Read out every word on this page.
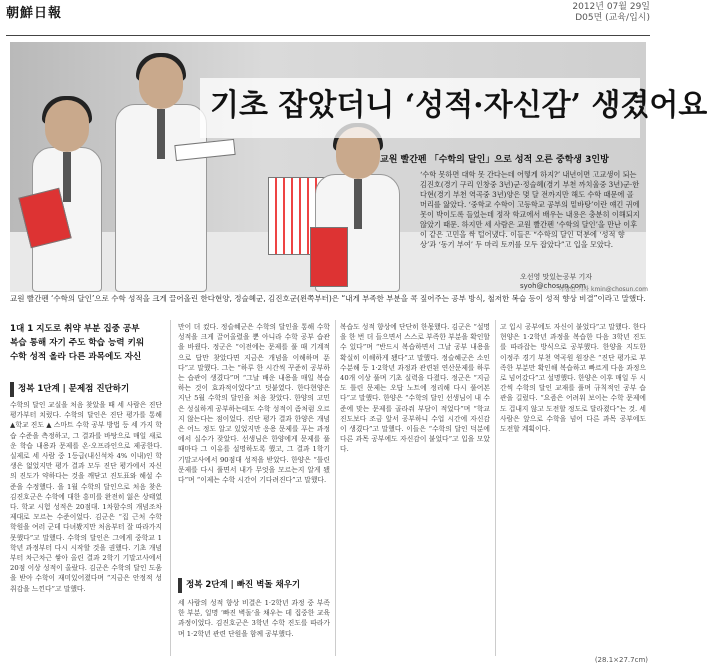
朝鮮日報	2012년 07월 29일
D05면 (교육/입시)
기초 잡았더니 ‘성적·자신감’ 생겼어요
교원 빨간펜 「수학의 달인」으로 성적 오른 중학생 3인방
‘수학 못하면 대학 못 간다는데 어떻게 하지?’ 내년이면 고교생이 되는 김진호(경기 구리 인창중 3년)군·정슬혜(경기 부천 까치울중 3년)군·한다현(경기 부천 역곡중 3년)양은 몇 달 전까지만 해도 수학 때문에 골머리를 앓았다. ‘중학교 수학이 고등학교 공부의 밑바탕’이란 얘긴 귀에 못이 박이도록 들었는데 정작 학교에서 배우는 내용은 충분히 이해되지 않았기 때문. 하지만 세 사람은 교원 빨간펜 ‘수학의 달인’을 만난 이후 이 같은 고민을 싹 털어냈다. 이들은 “수학의 달인 덕분에 ‘성적 향상’과 ‘동기 부여’ 두 마리 토끼를 모두 잡았다”고 입을 모았다.
오선영 맛있는공부 기자 syoh@chosun.com
이경민 기자 kmin@chosun.com
교원 빨간펜 ‘수학의 달인’으로 수학 성적을 크게 끌어올린 한다현양, 정슬혜군, 김진호군(왼쪽부터)은 “내게 부족한 부분을 콕 짚어주는 공부 방식, 철저한 복습 등이 성적 향상 비결”이라고 말했다.
1대 1 지도로 취약 부분 집중 공부
복습 통해 자기 주도 학습 능력 키워
수학 성적 올라 다른 과목에도 자신
정복 1단계 | 문제점 진단하기
정복 2단계 | 빠진 벽돌 채우기
수학의 달인 교실을 처음 찾았을 때 세 사람은 진단 평가부터 치렀다. 수학의 달인은 진단 평가를 통해 ▲학교 진도 ▲ 스마트 수학 공부 방법 등 세 가지 학습 수준을 측정하고, 그 결과를 바탕으로 매일 새로운 학습 내용과 문제를 온·오프라인으로 제공한다. 실제로 세 사람 중 1등급(내신석차 4% 이내)인 학생은 없었지만 평가 결과 모두 진단 평가에서 자신의 진도가 약하다는 것을 깨닫고 진도표와 해설 수준을 수정했다. 을 1월 수학의 달인으로 처음 찾은 김진호군은 수학에 대한 흥미를 완전히 잃은 상태였다. 학교 시험 성적은 20점대. 1차함수의 개념조차 제대로 모르는 수준이었다. 김군은 “집 근처 수학 학원을 여러 군데 다녀봤지만 처음부터 잘 따라가지 못했다”고 말했다. 수학의 달인은 그에게 중학교 1학년 과정부터 다시 시작할 것을 권했다. 기초 개념부터 차근차근 쌓아 올린 결과 2학기 기말고사에서 20점 이상 성적이 올랐다. 김군은 수학의 달인 도움을 받아 수학이 재미있어졌다며 “지금은 안정적 성취감을 느낀다”고 말했다.
만이 더 컸다. 정슬혜군은 수학의 달인을 통해 수학 성적을 크게 끌어올렸을 뿐 아니라 수학 공부 습관을 바꿨다. 정군은 “이전에는 문제를 풀 때 기계적으로 답만 찾았다면 지금은 개념을 이해하며 푼다”고 말했다. 그는 “하루 한 시간씩 꾸준히 공부하는 습관이 생겼다”며 “그날 배운 내용을 매일 복습하는 것이 효과적이었다”고 덧붙였다. 한다현양은 지난 5월 수학의 달인을 처음 찾았다. 한양의 고민은 성실하게 공부하는데도 수학 성적이 좀처럼 오르지 않는다는 점이었다. 진단 평가 결과 한양은 개념은 어느 정도 알고 있었지만 응용 문제를 푸는 과정에서 실수가 잦았다. 선생님은 한양에게 문제를 풀 때마다 그 이유를 설명하도록 했고, 그 결과 1학기 기말고사에서 90점대 성적을 받았다. 한양은 “틀린 문제를 다시 풀면서 내가 무엇을 모르는지 알게 됐다”며 “이제는 수학 시간이 기다려진다”고 말했다.
세 사람의 성적 향상 비결은 1·2학년 과정 중 부족한 부분, 일명 ‘빠진 벽돌’을 채우는 데 집중한 교육 과정이었다. 김진호군은 3학년 수학 진도를 따라가며 1·2학년 관련 단원을 함께 공부했다.
복습도 성적 향상에 단단히 한몫했다. 김군은 “설명을 한 번 더 들으면서 스스로 부족한 부분을 확인할 수 있다”며 “반드시 복습하면서 그날 공부 내용을 확실히 이해하게 됐다”고 말했다. 정슬혜군은 소인수분해 등 1·2학년 과정과 관련된 연산문제를 하루 40개 이상 풀며 기초 실력을 다졌다. 정군은 “지금도 틀린 문제는 오답 노트에 정리해 다시 풀어본다”고 말했다. 한양은 “수학의 달인 선생님이 내 수준에 맞는 문제를 골라줘 부담이 적었다”며 “학교 진도보다 조금 앞서 공부하니 수업 시간에 자신감이 생겼다”고 말했다. 이들은 “수학의 달인 덕분에 다른 과목 공부에도 자신감이 붙었다”고 입을 모았다.
고 입시 공부에도 자신이 붙었다”고 말했다. 한다현양은 1·2학년 과정을 복습한 다음 3학년 진도를 따라잡는 방식으로 공부했다. 한양을 지도한 이정주 경기 부천 역곡원 원장은 “진단 평가로 부족한 부분만 확인해 복습하고 빠르게 다음 과정으로 넘어갔다”고 설명했다. 한양은 이후 매일 두 시간씩 수학의 달인 교재를 풀며 규칙적인 공부 습관을 길렀다. “요즘은 어려워 보이는 수학 문제에도 겁내지 않고 도전할 정도로 달라졌다”는 것. 세 사람은 앞으로 수학을 넘어 다른 과목 공부에도 도전할 계획이다.
(28.1×27.7cm)
